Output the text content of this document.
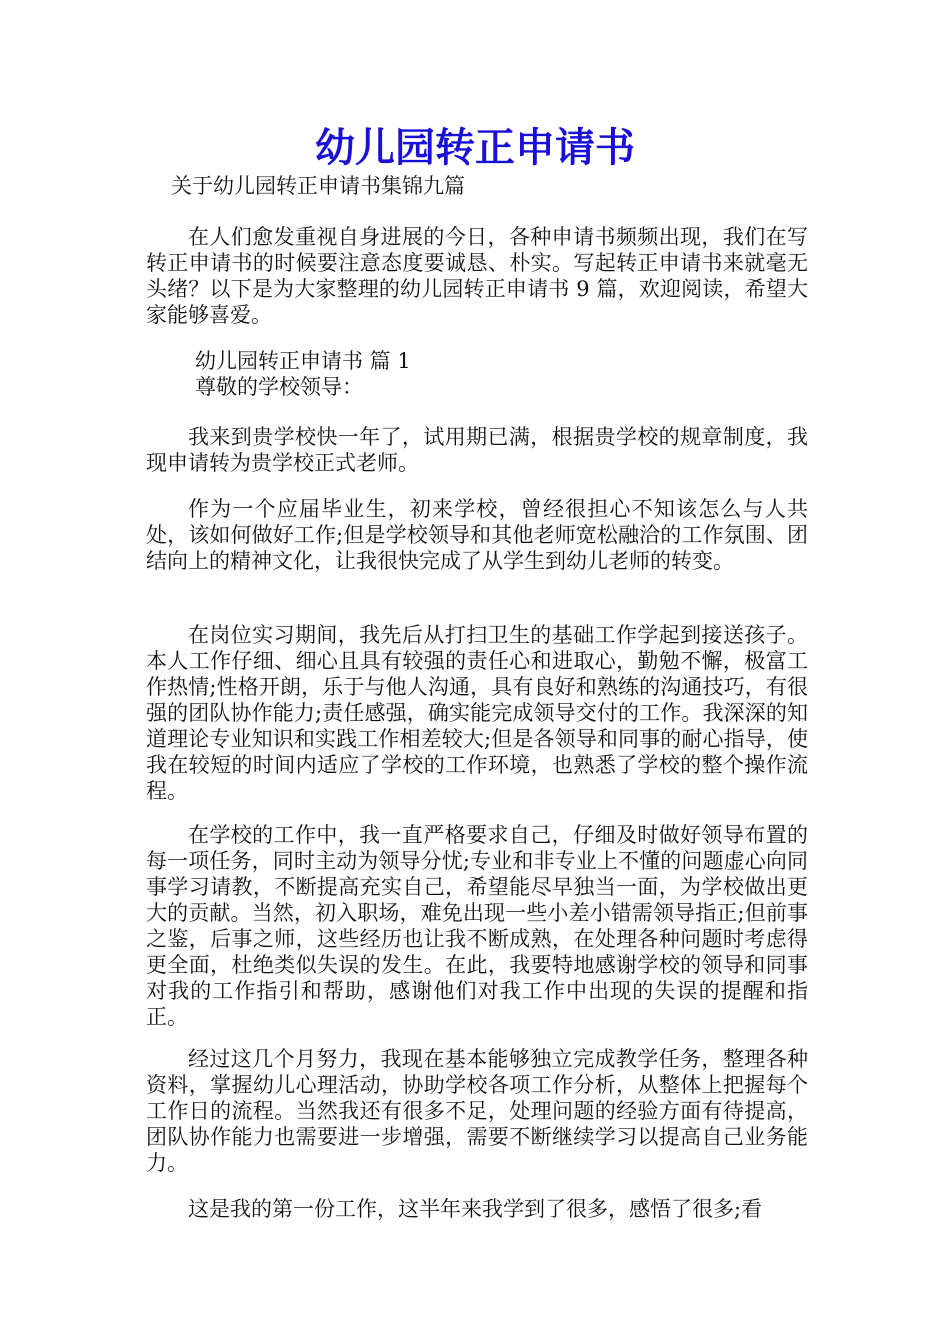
幼儿园转正申请书
关于幼儿园转正申请书集锦九篇

在人们愈发重视自身进展的今日，各种申请书频频出现，我们在写转正申请书的时候要注意态度要诚恳、朴实。写起转正申请书来就毫无头绪？以下是为大家整理的幼儿园转正申请书 9 篇，欢迎阅读，希望大家能够喜爱。

幼儿园转正申请书 篇 1
尊敬的学校领导：

我来到贵学校快一年了，试用期已满，根据贵学校的规章制度，我现申请转为贵学校正式老师。

作为一个应届毕业生，初来学校，曾经很担心不知该怎么与人共处，该如何做好工作;但是学校领导和其他老师宽松融洽的工作氛围、团结向上的精神文化，让我很快完成了从学生到幼儿老师的转变。

在岗位实习期间，我先后从打扫卫生的基础工作学起到接送孩子。本人工作仔细、细心且具有较强的责任心和进取心，勤勉不懈，极富工作热情;性格开朗，乐于与他人沟通，具有良好和熟练的沟通技巧，有很强的团队协作能力;责任感强，确实能完成领导交付的工作。我深深的知道理论专业知识和实践工作相差较大;但是各领导和同事的耐心指导，使我在较短的时间内适应了学校的工作环境，也熟悉了学校的整个操作流程。

在学校的工作中，我一直严格要求自己，仔细及时做好领导布置的每一项任务，同时主动为领导分忧;专业和非专业上不懂的问题虚心向同事学习请教，不断提高充实自己，希望能尽早独当一面，为学校做出更大的贡献。当然，初入职场，难免出现一些小差小错需领导指正;但前事之鉴，后事之师，这些经历也让我不断成熟，在处理各种问题时考虑得更全面，杜绝类似失误的发生。在此，我要特地感谢学校的领导和同事对我的工作指引和帮助，感谢他们对我工作中出现的失误的提醒和指正。

经过这几个月努力，我现在基本能够独立完成教学任务，整理各种资料，掌握幼儿心理活动，协助学校各项工作分析，从整体上把握每个工作日的流程。当然我还有很多不足，处理问题的经验方面有待提高，团队协作能力也需要进一步增强，需要不断继续学习以提高自己业务能力。

这是我的第一份工作，这半年来我学到了很多，感悟了很多;看
